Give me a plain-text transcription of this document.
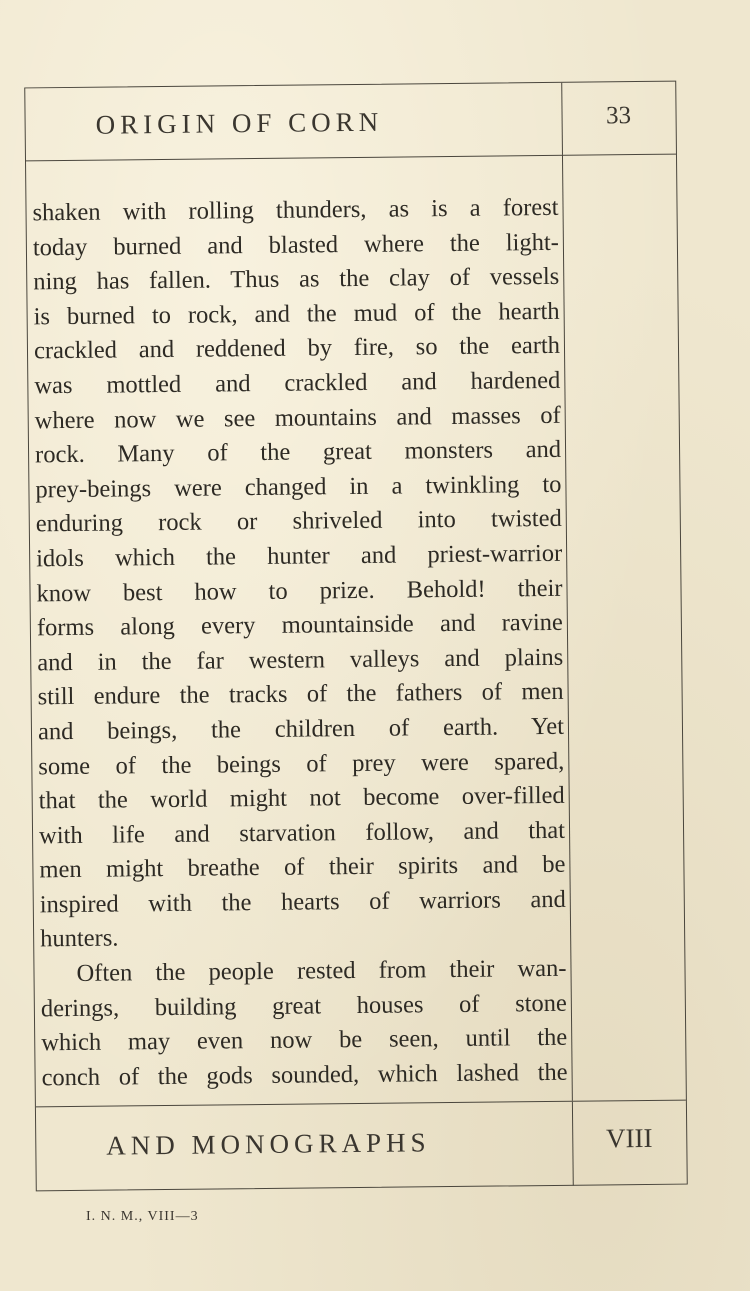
ORIGIN OF CORN	33
shaken with rolling thunders, as is a forest
today burned and blasted where the light-
ning has fallen. Thus as the clay of vessels
is burned to rock, and the mud of the hearth
crackled and reddened by fire, so the earth
was mottled and crackled and hardened
where now we see mountains and masses of
rock. Many of the great monsters and
prey-beings were changed in a twinkling to
enduring rock or shriveled into twisted
idols which the hunter and priest-warrior
know best how to prize. Behold! their
forms along every mountainside and ravine
and in the far western valleys and plains
still endure the tracks of the fathers of men
and beings, the children of earth. Yet
some of the beings of prey were spared,
that the world might not become over-filled
with life and starvation follow, and that
men might breathe of their spirits and be
inspired with the hearts of warriors and
hunters.
Often the people rested from their wan-
derings, building great houses of stone
which may even now be seen, until the
conch of the gods sounded, which lashed the
AND MONOGRAPHS	VIII
I. N. M., VIII—3
